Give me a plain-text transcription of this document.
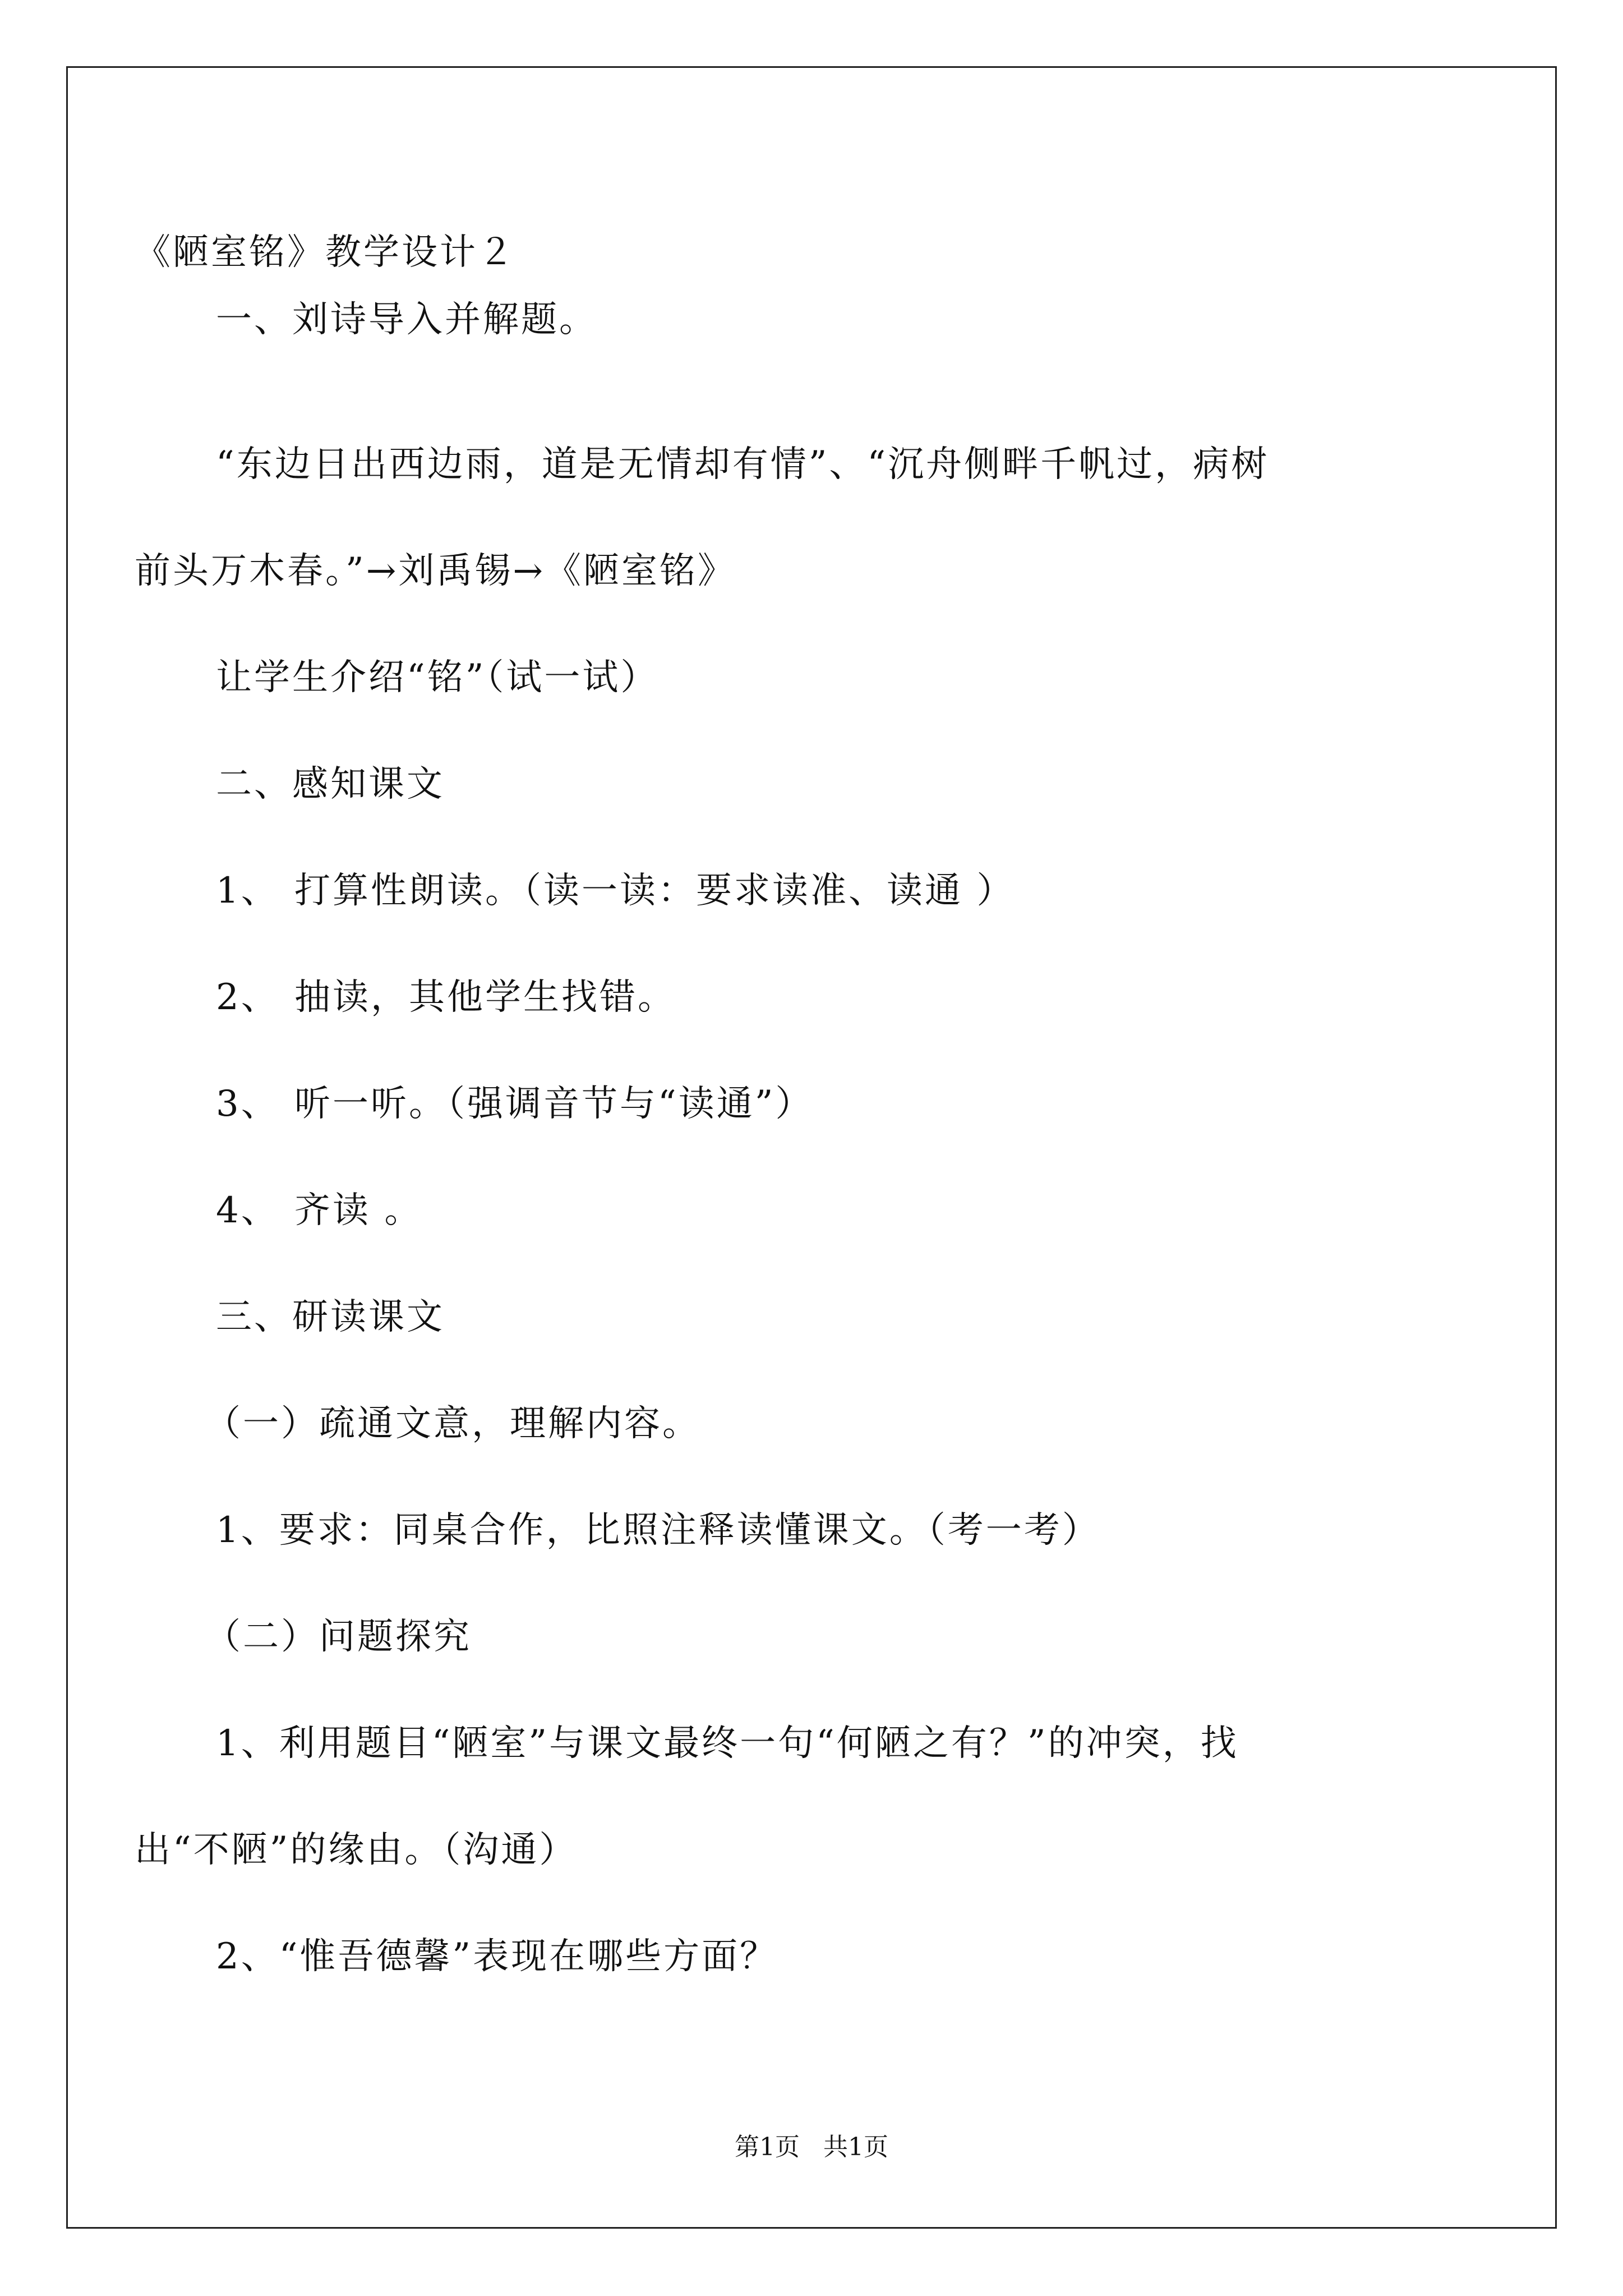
《陋室铭》教学设计２
一、刘诗导入并解题。
“东边日出西边雨，道是无情却有情”、“沉舟侧畔千帆过，病树
前头万木春。”→刘禹锡→《陋室铭》
让学生介绍“铭”（试一试）
二、感知课文
1、 打算性朗读。（读一读：要求读准、读通 ）
2、 抽读，其他学生找错。
3、 听一听。（强调音节与“读通”）
4、 齐读 。
三、研读课文
（一）疏通文意，理解内容。
1、要求：同桌合作，比照注释读懂课文。（考一考）
（二）问题探究
1、利用题目“陋室”与课文最终一句“何陋之有？”的冲突，找
出“不陋”的缘由。（沟通）
2、“惟吾德馨”表现在哪些方面？
第1页   共1页
